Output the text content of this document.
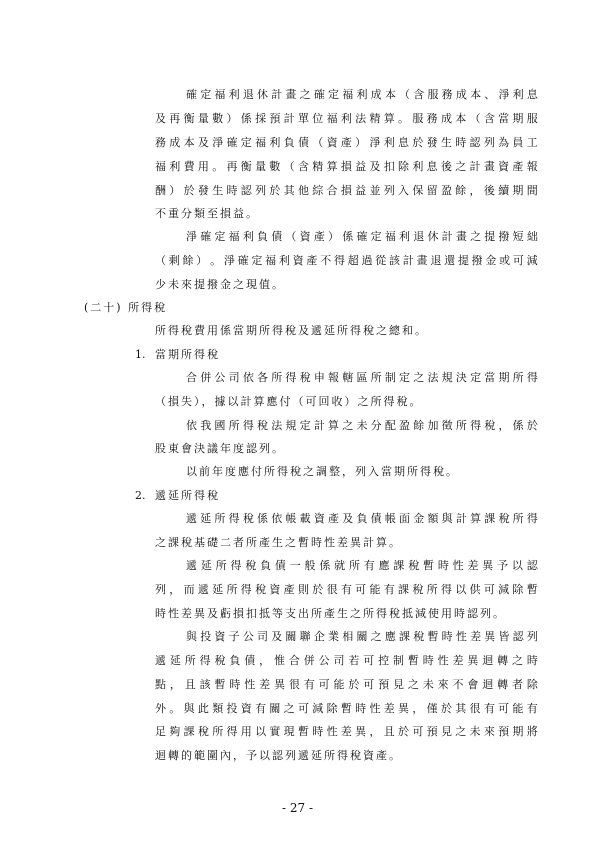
確 定 福 利 退 休 計 畫 之 確 定 福 利 成 本 （ 含 服 務 成 本 、 淨 利 息

及 再 衡 量 數 ） 係 採 預 計 單 位 福 利 法 精 算 。 服 務 成 本 （ 含 當 期 服

務 成 本 及 淨 確 定 福 利 負 債 （ 資 產 ） 淨 利 息 於 發 生 時 認 列 為 員 工

福 利 費 用 。 再 衡 量 數 （ 含 精 算 損 益 及 扣 除 利 息 後 之 計 畫 資 產 報

酬 ） 於 發 生 時 認 列 於 其 他 綜 合 損 益 並 列 入 保 留 盈 餘 ， 後 續 期 間

不重分類至損益。

淨 確 定 福 利 負 債 （ 資 產 ） 係 確 定 福 利 退 休 計 畫 之 提 撥 短 絀

（ 剩 餘 ） 。 淨 確 定 福 利 資 產 不 得 超 過 從 該 計 畫 退 還 提 撥 金 或 可 減

少未來提撥金之現值。

(二十) 所得稅

所得稅費用係當期所得稅及遞延所得稅之總和。

1. 當期所得稅

合 併 公 司 依 各 所 得 稅 申 報 轄 區 所 制 定 之 法 規 決 定 當 期 所 得

（損失），據以計算應付（可回收）之所得稅。

依 我 國 所 得 稅 法 規 定 計 算 之 未 分 配 盈 餘 加 徵 所 得 稅 ， 係 於

股東會決議年度認列。

以前年度應付所得稅之調整，列入當期所得稅。

2. 遞延所得稅

遞 延 所 得 稅 係 依 帳 載 資 產 及 負 債 帳 面 金 額 與 計 算 課 稅 所 得

之課稅基礎二者所產生之暫時性差異計算。

遞 延 所 得 稅 負 債 一 般 係 就 所 有 應 課 稅 暫 時 性 差 異 予 以 認

列 ， 而 遞 延 所 得 稅 資 產 則 於 很 有 可 能 有 課 稅 所 得 以 供 可 減 除 暫

時性差異及虧損扣抵等支出所產生之所得稅抵減使用時認列。

與 投 資 子 公 司 及 關 聯 企 業 相 關 之 應 課 稅 暫 時 性 差 異 皆 認 列

遞 延 所 得 稅 負 債 ， 惟 合 併 公 司 若 可 控 制 暫 時 性 差 異 迴 轉 之 時

點 ， 且 該 暫 時 性 差 異 很 有 可 能 於 可 預 見 之 未 來 不 會 迴 轉 者 除

外 。 與 此 類 投 資 有 關 之 可 減 除 暫 時 性 差 異 ， 僅 於 其 很 有 可 能 有

足 夠 課 稅 所 得 用 以 實 現 暫 時 性 差 異 ， 且 於 可 預 見 之 未 來 預 期 將

迴轉的範圍內，予以認列遞延所得稅資產。

- 27 -
